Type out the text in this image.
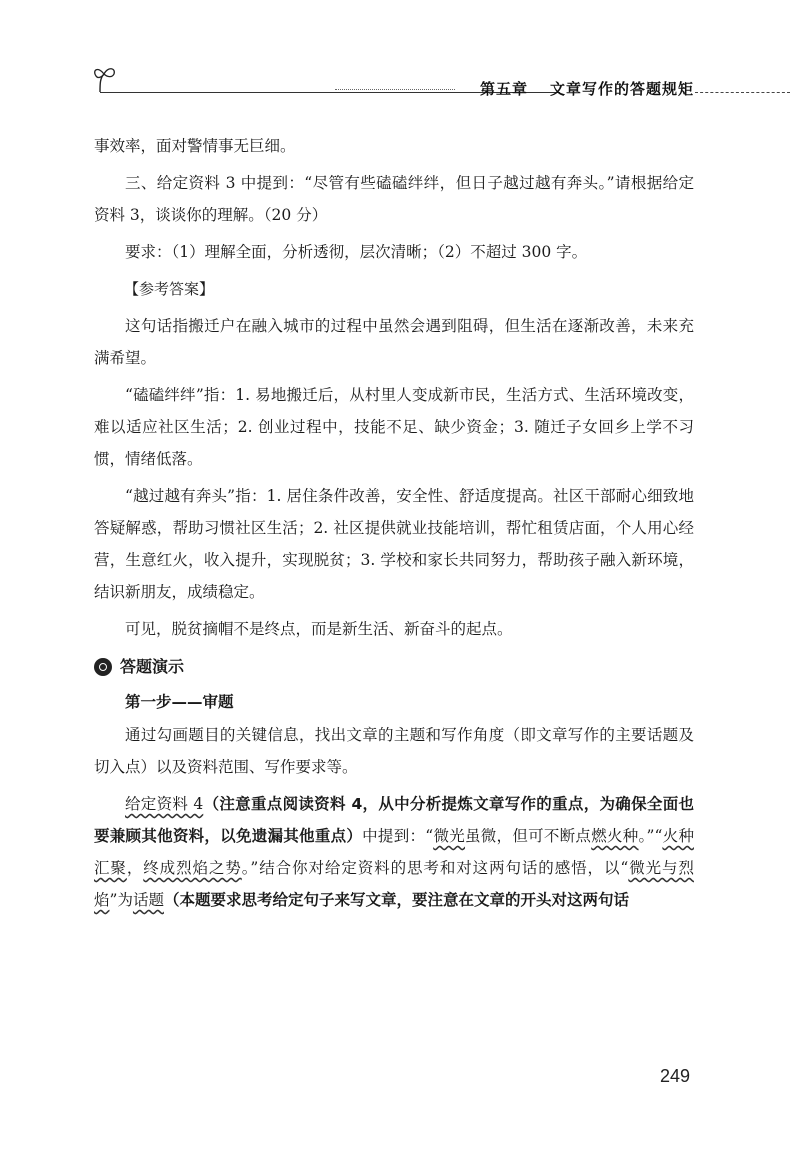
第五章 文章写作的答题规矩

事效率，面对警情事无巨细。

三、给定资料 3 中提到：“尽管有些磕磕绊绊，但日子越过越有奔头。”请根据给定资料 3，谈谈你的理解。（20 分）

要求：（1）理解全面，分析透彻，层次清晰；（2）不超过 300 字。

【参考答案】

这句话指搬迁户在融入城市的过程中虽然会遇到阻碍，但生活在逐渐改善，未来充满希望。

“磕磕绊绊”指：1. 易地搬迁后，从村里人变成新市民，生活方式、生活环境改变，难以适应社区生活；2. 创业过程中，技能不足、缺少资金；3. 随迁子女回乡上学不习惯，情绪低落。

“越过越有奔头”指：1. 居住条件改善，安全性、舒适度提高。社区干部耐心细致地答疑解惑，帮助习惯社区生活；2. 社区提供就业技能培训，帮忙租赁店面，个人用心经营，生意红火，收入提升，实现脱贫；3. 学校和家长共同努力，帮助孩子融入新环境，结识新朋友，成绩稳定。

可见，脱贫摘帽不是终点，而是新生活、新奋斗的起点。

答题演示
第一步——审题

通过勾画题目的关键信息，找出文章的主题和写作角度（即文章写作的主要话题及切入点）以及资料范围、写作要求等。

给定资料 4（注意重点阅读资料 4，从中分析提炼文章写作的重点，为确保全面也要兼顾其他资料，以免遗漏其他重点）中提到：“微光虽微，但可不断点燃火种。”“火种汇聚，终成烈焰之势。”结合你对给定资料的思考和对这两句话的感悟，以“微光与烈焰”为话题（本题要求思考给定句子来写文章，要注意在文章的开头对这两句话

249
